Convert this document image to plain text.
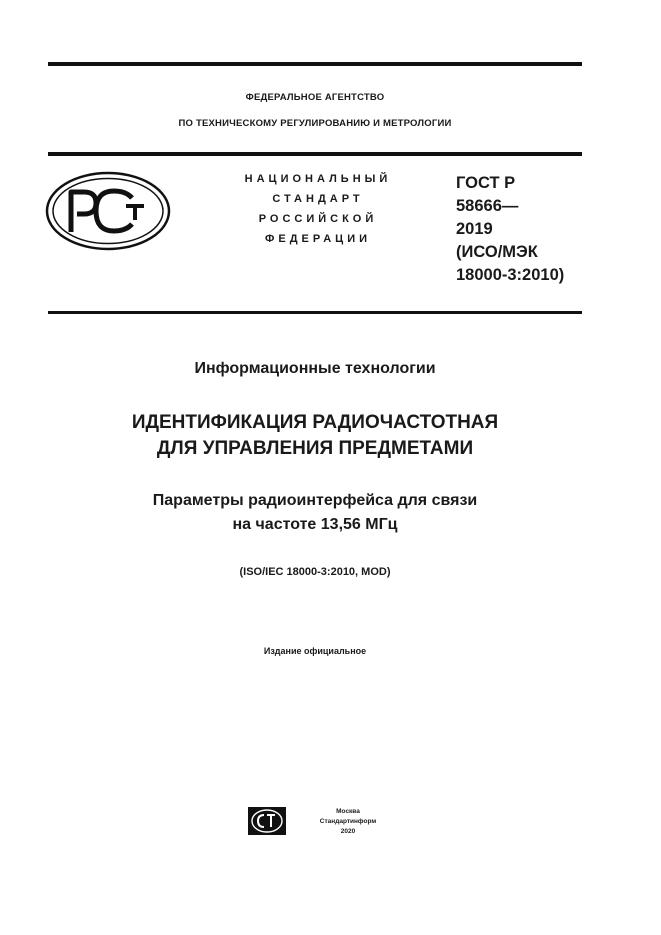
ФЕДЕРАЛЬНОЕ АГЕНТСТВО
ПО ТЕХНИЧЕСКОМУ РЕГУЛИРОВАНИЮ И МЕТРОЛОГИИ
НАЦИОНАЛЬНЫЙ
СТАНДАРТ
РОССИЙСКОЙ
ФЕДЕРАЦИИ
ГОСТ Р
58666—
2019
(ИСО/МЭК
18000-3:2010)
Информационные технологии
ИДЕНТИФИКАЦИЯ РАДИОЧАСТОТНАЯ
ДЛЯ УПРАВЛЕНИЯ ПРЕДМЕТАМИ
Параметры радиоинтерфейса для связи
на частоте 13,56 МГц
(ISO/IEC 18000-3:2010, MOD)
Издание официальное
Москва
Стандартинформ
2020
